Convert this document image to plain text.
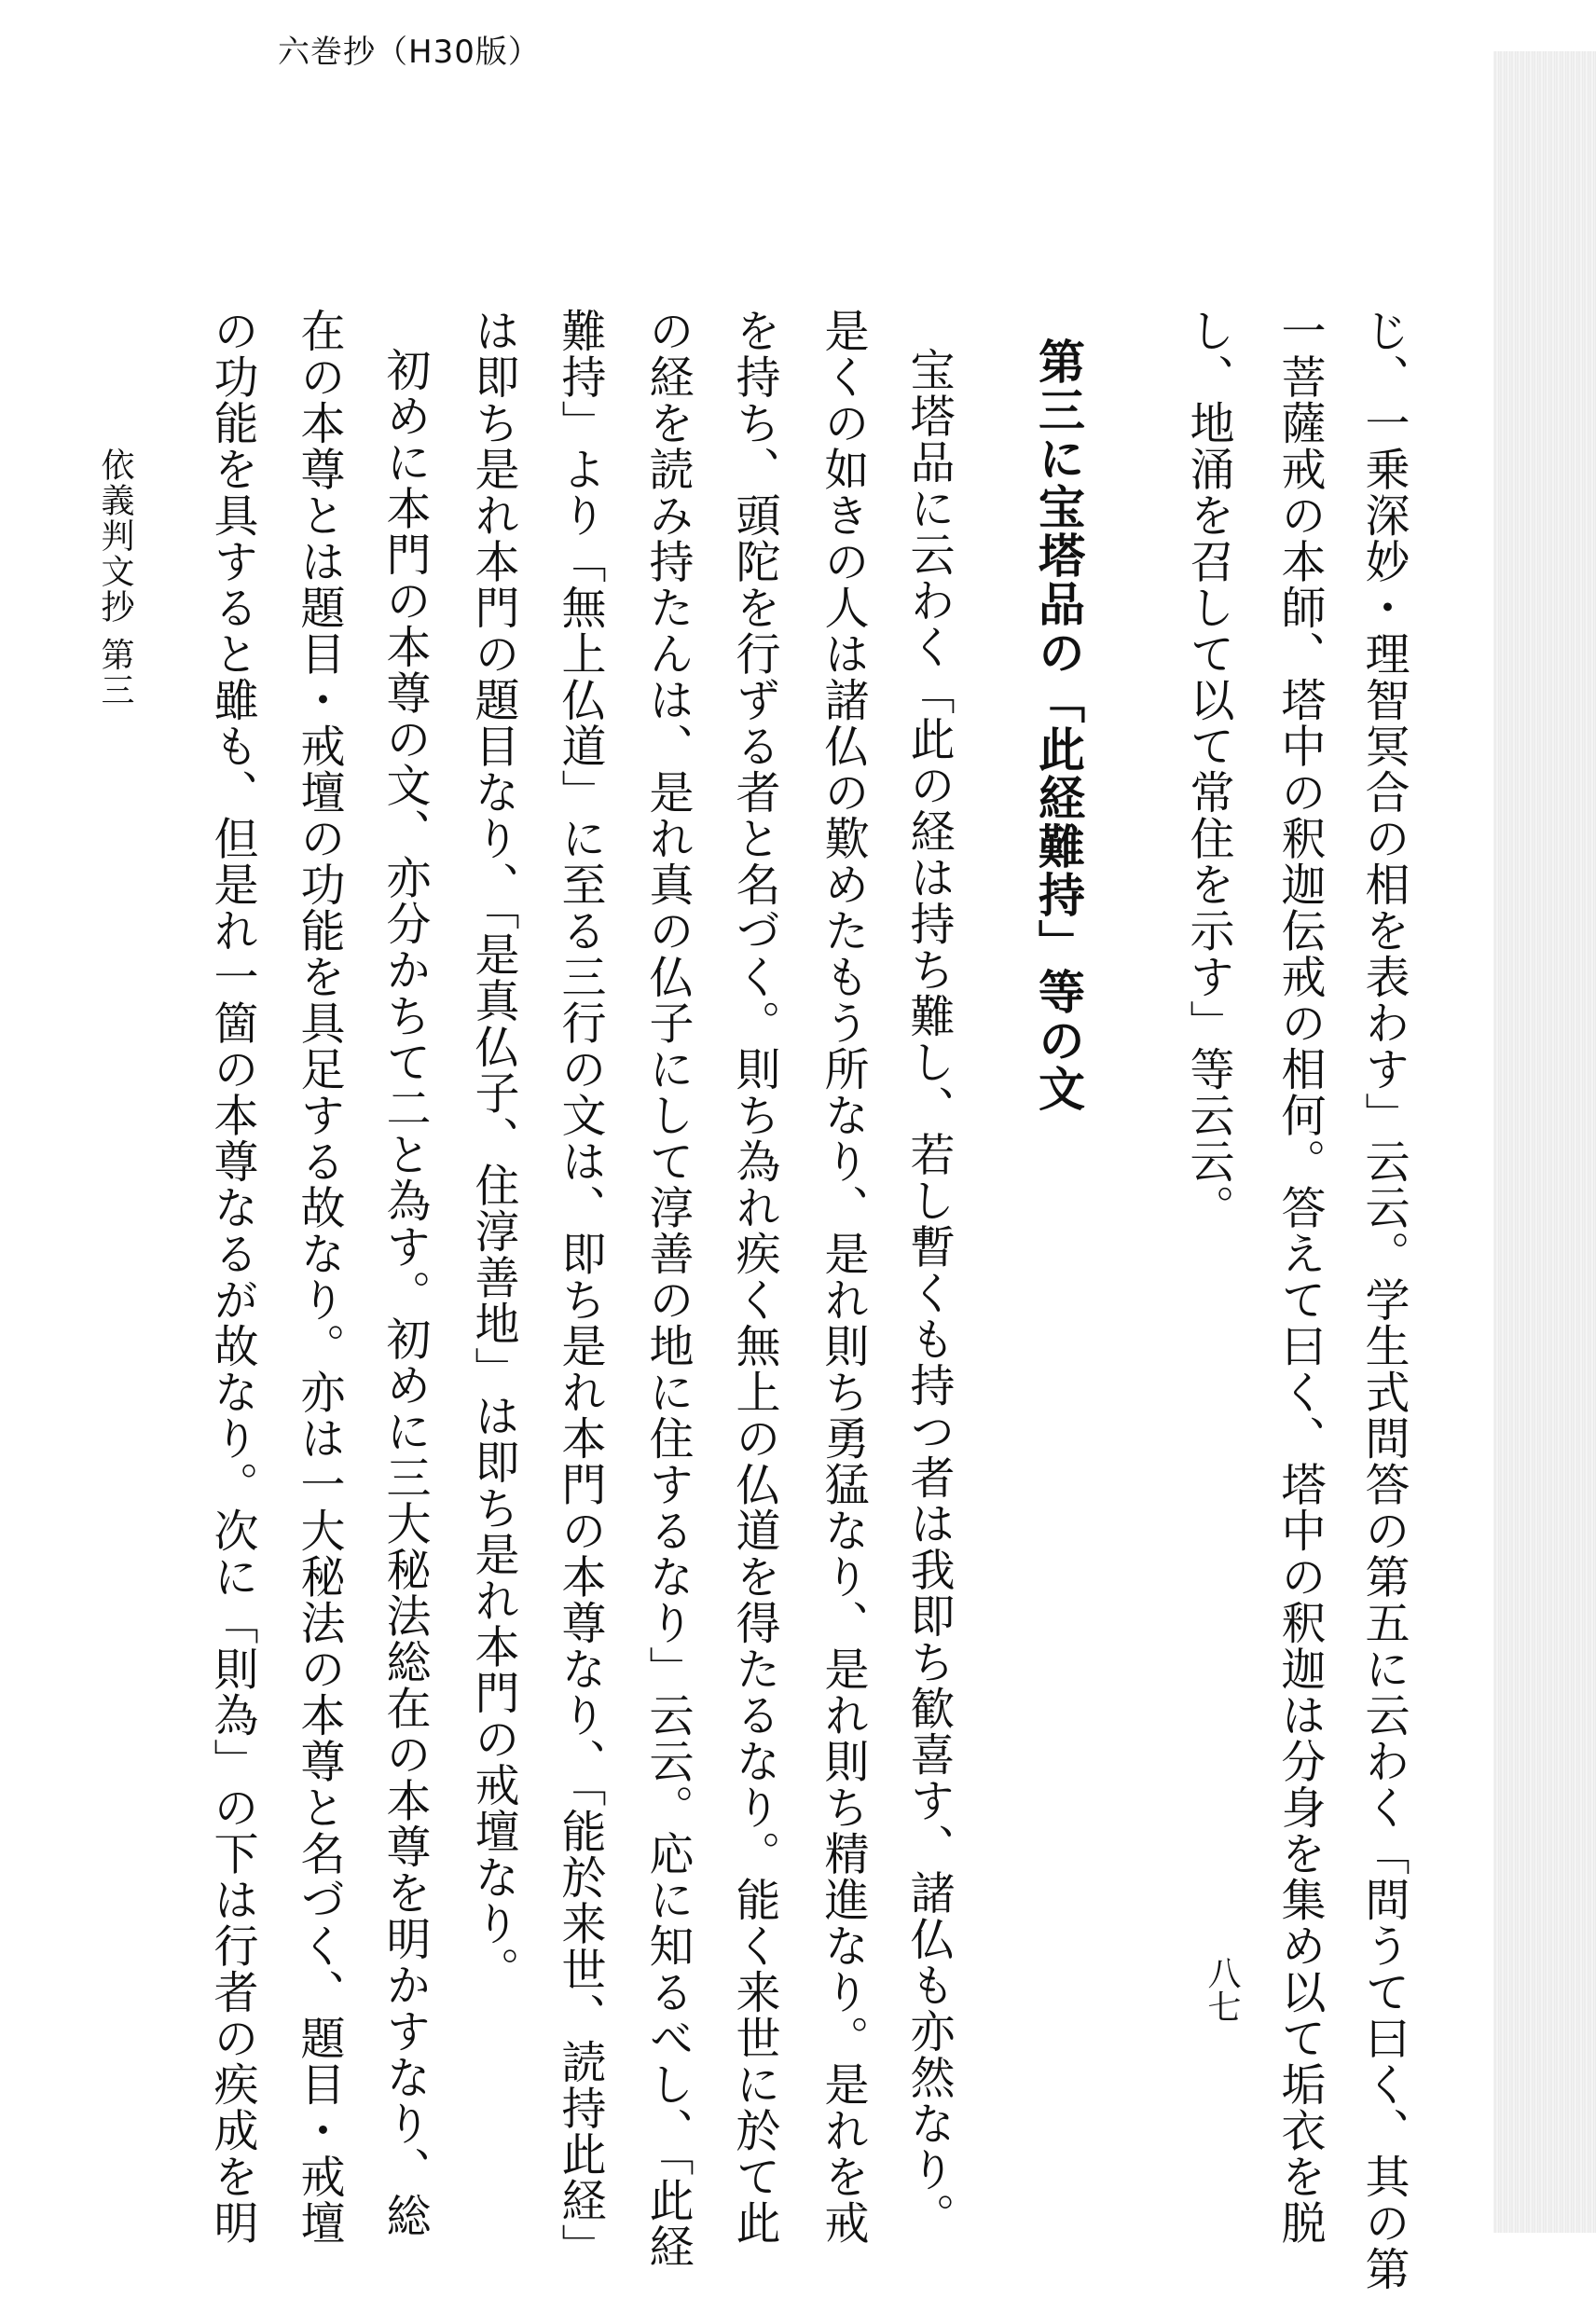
六巻抄（H30版）
じ、一乗深妙・理智冥合の相を表わす」云云。学生式問答の第五に云わく「問うて曰く、其の第
一菩薩戒の本師、塔中の釈迦伝戒の相何。答えて曰く、塔中の釈迦は分身を集め以て垢衣を脱
し、地涌を召して以て常住を示す」等云云。
第三に宝塔品の「此経難持」等の文
宝塔品に云わく「此の経は持ち難し、若し暫くも持つ者は我即ち歓喜す、諸仏も亦然なり。
是くの如きの人は諸仏の歎めたもう所なり、是れ則ち勇猛なり、是れ則ち精進なり。是れを戒
を持ち、頭陀を行ずる者と名づく。則ち為れ疾く無上の仏道を得たるなり。能く来世に於て此
の経を読み持たんは、是れ真の仏子にして淳善の地に住するなり」云云。応に知るべし、「此経
難持」より「無上仏道」に至る三行の文は、即ち是れ本門の本尊なり、「能於来世、読持此経」
は即ち是れ本門の題目なり、「是真仏子、住淳善地」は即ち是れ本門の戒壇なり。
初めに本門の本尊の文、亦分かちて二と為す。初めに三大秘法総在の本尊を明かすなり、総
在の本尊とは題目・戒壇の功能を具足する故なり。亦は一大秘法の本尊と名づく、題目・戒壇
の功能を具すると雖も、但是れ一箇の本尊なるが故なり。次に「則為」の下は行者の疾成を明
依義判文抄 第三
八七
